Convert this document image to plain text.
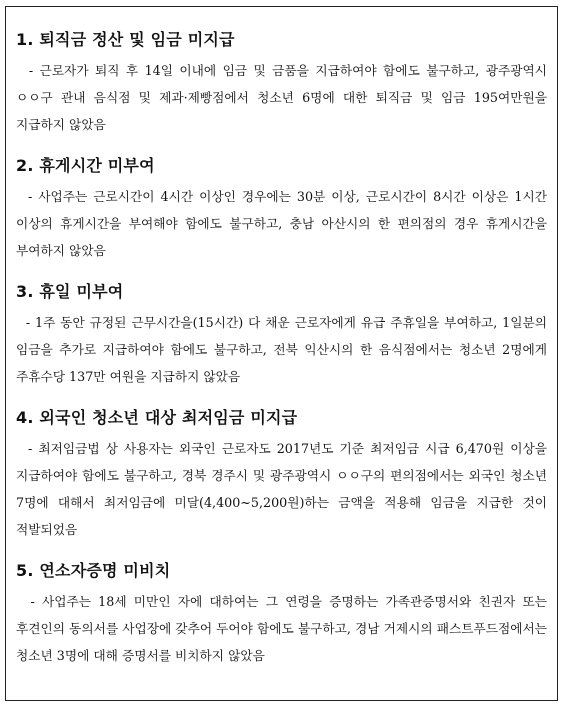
1. 퇴직금 정산 및 임금 미지급

- 근로자가 퇴직 후 14일 이내에 임금 및 금품을 지급하여야 함에도 불구하고, 광주광역시 ㅇㅇ구 관내 음식점 및 제과·제빵점에서 청소년 6명에 대한 퇴직금 및 임금 195여만원을 지급하지 않았음

2. 휴게시간 미부여

- 사업주는 근로시간이 4시간 이상인 경우에는 30분 이상, 근로시간이 8시간 이상은 1시간 이상의 휴게시간을 부여해야 함에도 불구하고, 충남 아산시의 한 편의점의 경우 휴게시간을 부여하지 않았음

3. 휴일 미부여

- 1주 동안 규정된 근무시간을(15시간) 다 채운 근로자에게 유급 주휴일을 부여하고, 1일분의 임금을 추가로 지급하여야 함에도 불구하고, 전북 익산시의 한 음식점에서는 청소년 2명에게 주휴수당 137만 여원을 지급하지 않았음

4. 외국인 청소년 대상 최저임금 미지급

- 최저임금법 상 사용자는 외국인 근로자도 2017년도 기준 최저임금 시급 6,470원 이상을 지급하여야 함에도 불구하고, 경북 경주시 및 광주광역시 ㅇㅇ구의 편의점에서는 외국인 청소년 7명에 대해서 최저임금에 미달(4,400~5,200원)하는 금액을 적용해 임금을 지급한 것이 적발되었음

5. 연소자증명 미비치

- 사업주는 18세 미만인 자에 대하여는 그 연령을 증명하는 가족관증명서와 친권자 또는 후견인의 동의서를 사업장에 갖추어 두어야 함에도 불구하고, 경남 거제시의 패스트푸드점에서는 청소년 3명에 대해 증명서를 비치하지 않았음
